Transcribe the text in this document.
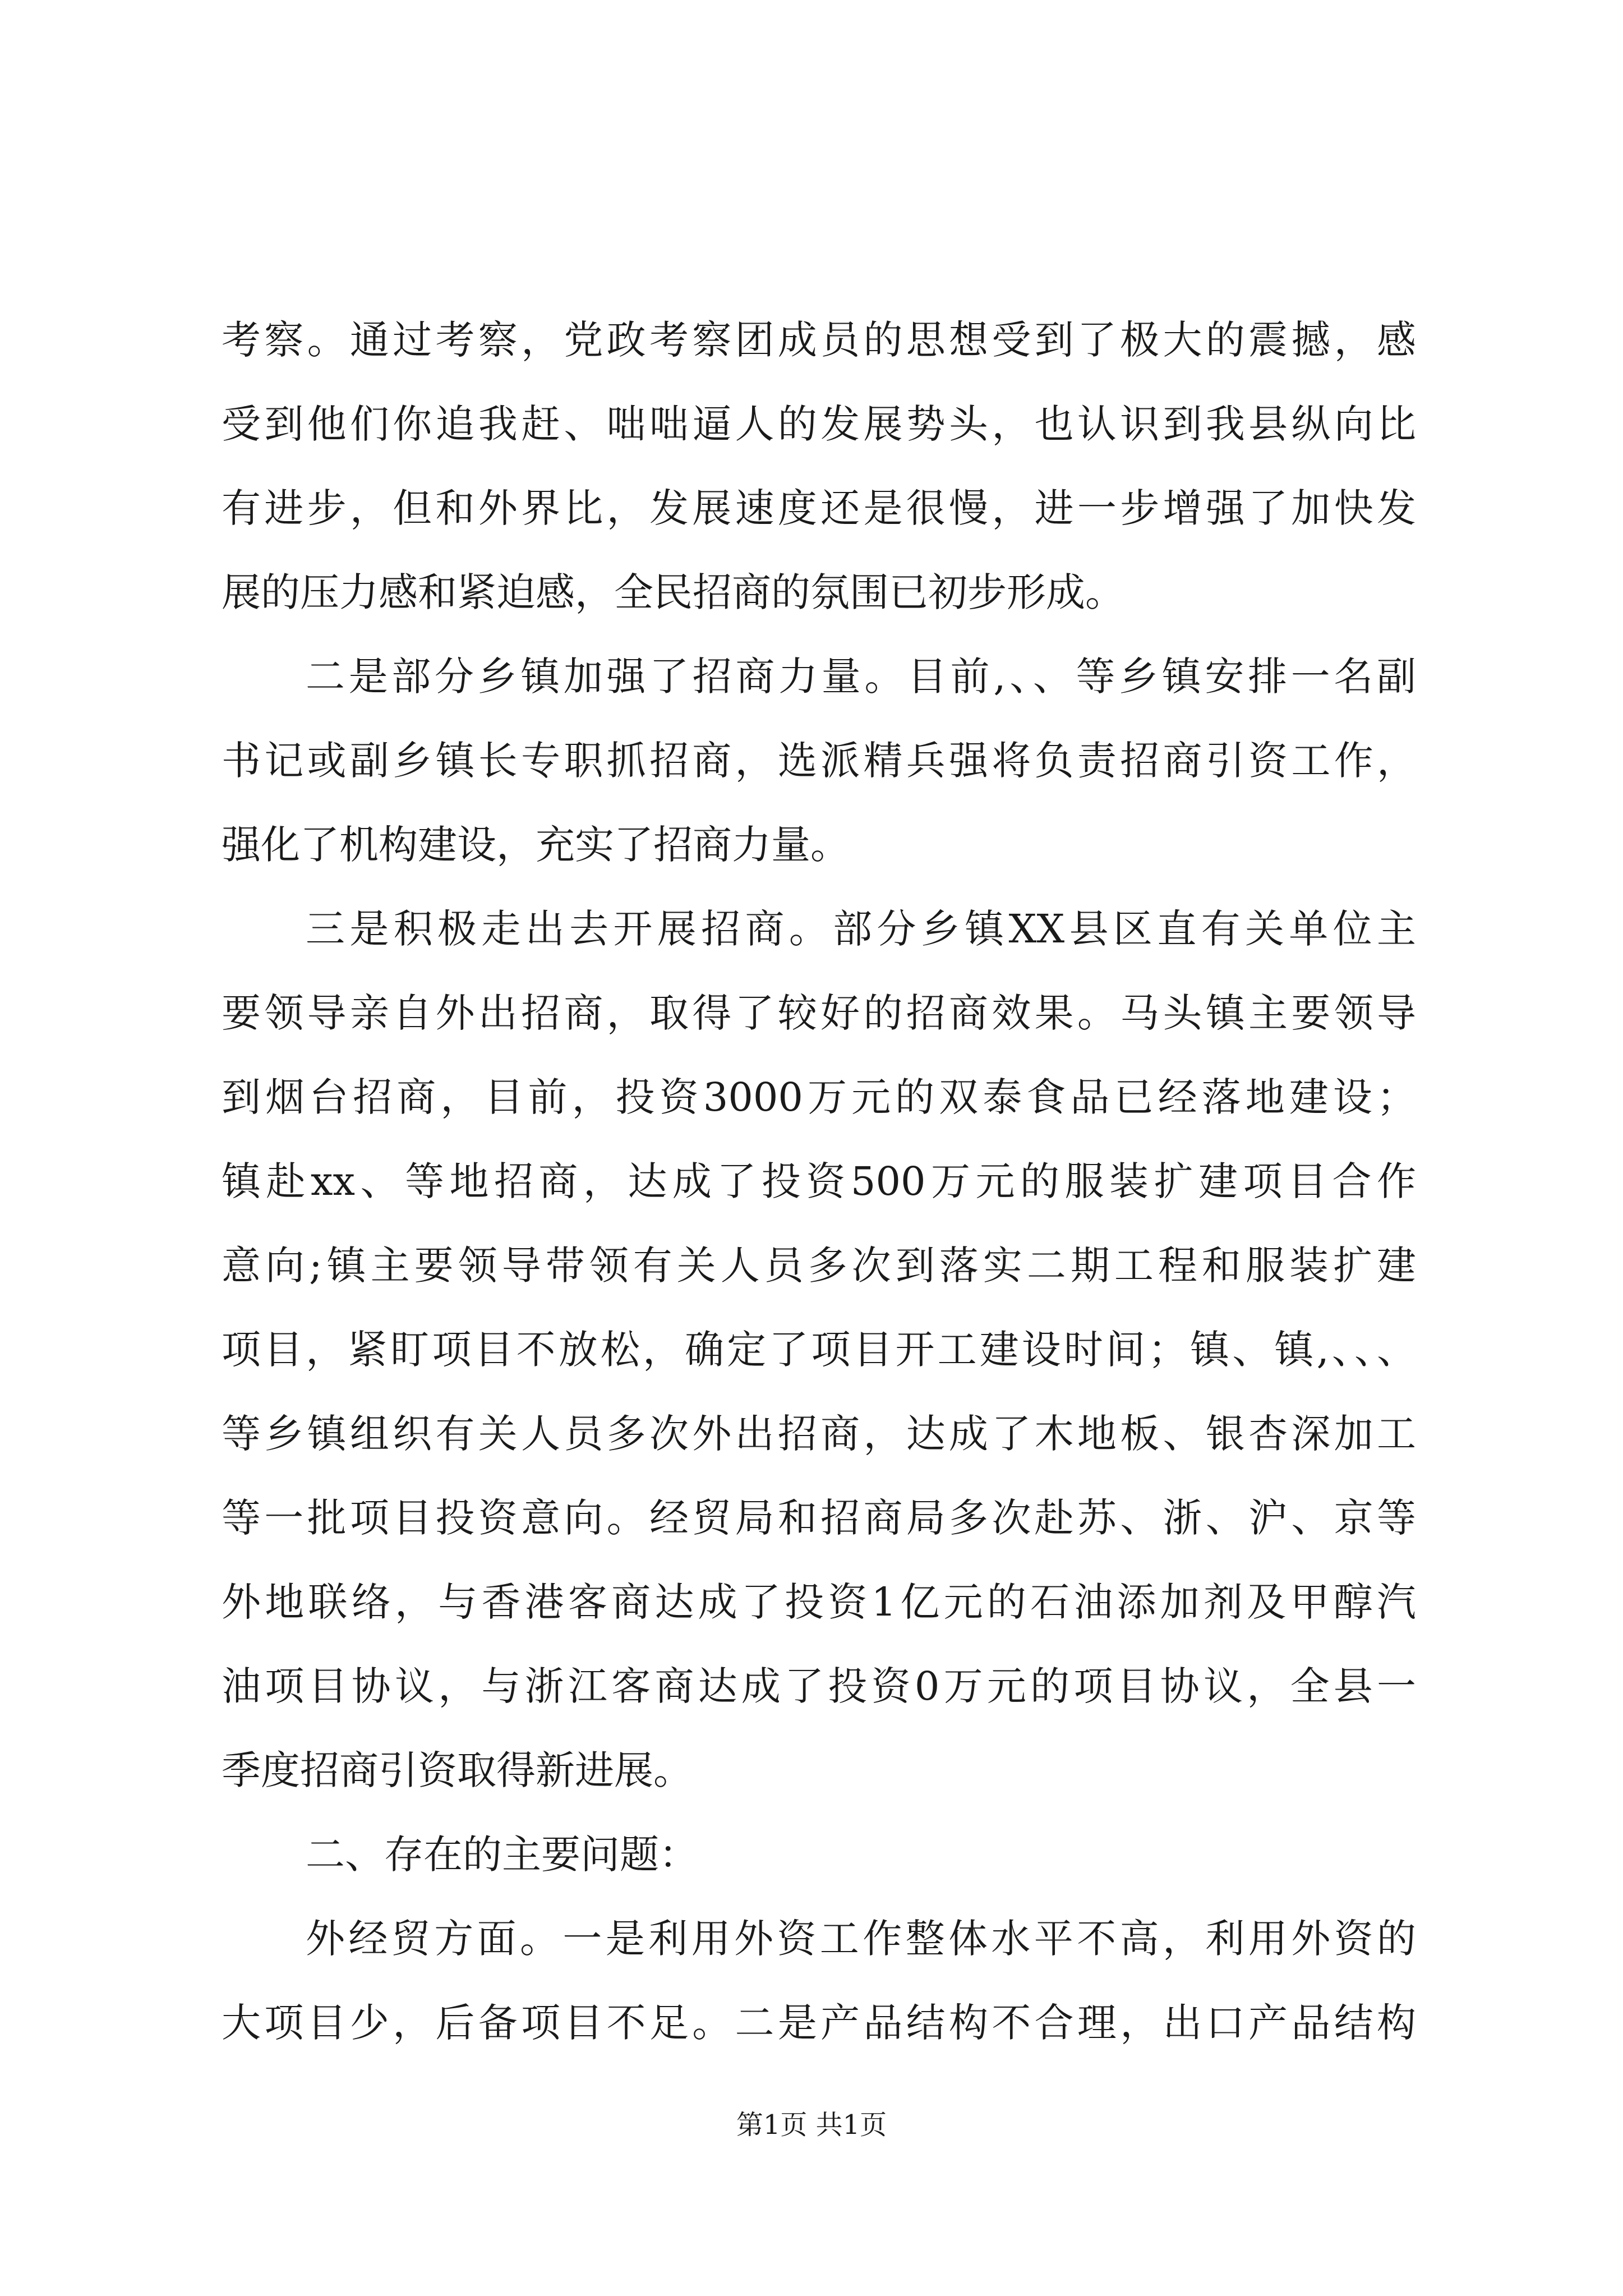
考察。通过考察，党政考察团成员的思想受到了极大的震撼，感

受到他们你追我赶、咄咄逼人的发展势头，也认识到我县纵向比

有进步，但和外界比，发展速度还是很慢，进一步增强了加快发

展的压力感和紧迫感，全民招商的氛围已初步形成。

二是部分乡镇加强了招商力量。目前,、、等乡镇安排一名副

书记或副乡镇长专职抓招商，选派精兵强将负责招商引资工作，

强化了机构建设，充实了招商力量。

三是积极走出去开展招商。部分乡镇XX县区直有关单位主

要领导亲自外出招商，取得了较好的招商效果。马头镇主要领导

到烟台招商，目前，投资3000万元的双泰食品已经落地建设；

镇赴xx、等地招商，达成了投资500万元的服装扩建项目合作

意向;镇主要领导带领有关人员多次到落实二期工程和服装扩建

项目，紧盯项目不放松，确定了项目开工建设时间；镇、镇,、、、

等乡镇组织有关人员多次外出招商，达成了木地板、银杏深加工

等一批项目投资意向。经贸局和招商局多次赴苏、浙、沪、京等

外地联络，与香港客商达成了投资1亿元的石油添加剂及甲醇汽

油项目协议，与浙江客商达成了投资0万元的项目协议，全县一

季度招商引资取得新进展。

二、存在的主要问题：

外经贸方面。一是利用外资工作整体水平不高，利用外资的

大项目少，后备项目不足。二是产品结构不合理，出口产品结构

第1页 共1页
